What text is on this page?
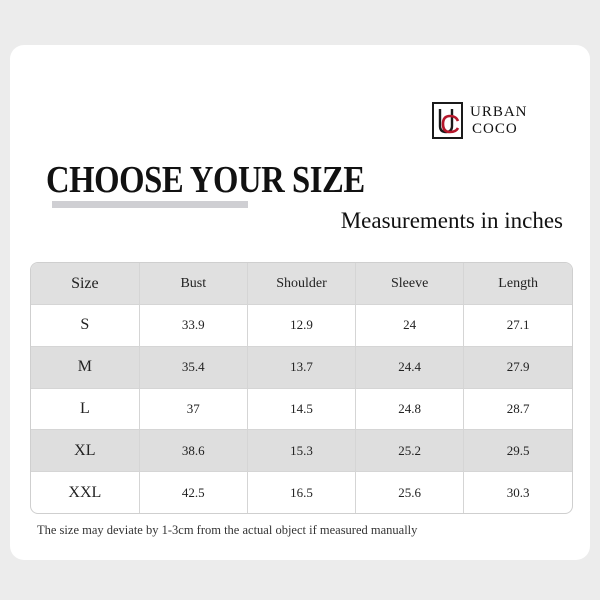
URBAN
COCO
CHOOSE YOUR SIZE
Measurements in inches
Size	Bust	Shoulder	Sleeve	Length
S	33.9	12.9	24	27.1
M	35.4	13.7	24.4	27.9
L	37	14.5	24.8	28.7
XL	38.6	15.3	25.2	29.5
XXL	42.5	16.5	25.6	30.3
The size may deviate by 1-3cm from the actual object if measured manually
